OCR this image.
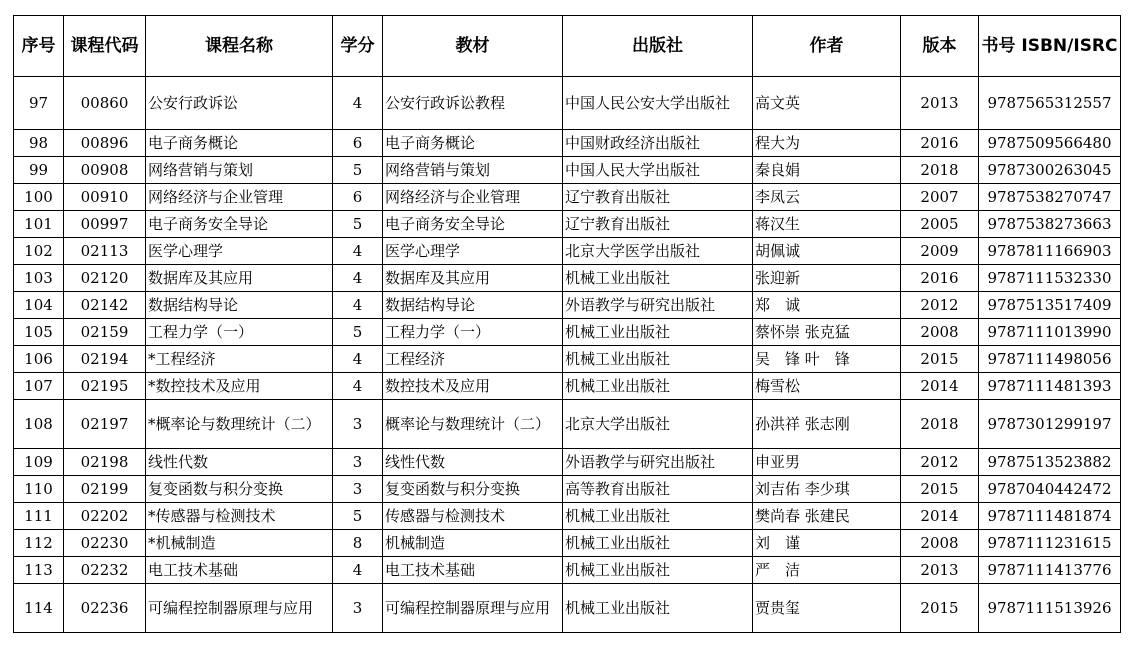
序号	课程代码	课程名称	学分	教材	出版社	作者	版本	书号 ISBN/ISRC
97	00860	公安行政诉讼	4	公安行政诉讼教程	中国人民公安大学出版社	高文英	2013	9787565312557
98	00896	电子商务概论	6	电子商务概论	中国财政经济出版社	程大为	2016	9787509566480
99	00908	网络营销与策划	5	网络营销与策划	中国人民大学出版社	秦良娟	2018	9787300263045
100	00910	网络经济与企业管理	6	网络经济与企业管理	辽宁教育出版社	李凤云	2007	9787538270747
101	00997	电子商务安全导论	5	电子商务安全导论	辽宁教育出版社	蒋汉生	2005	9787538273663
102	02113	医学心理学	4	医学心理学	北京大学医学出版社	胡佩诚	2009	9787811166903
103	02120	数据库及其应用	4	数据库及其应用	机械工业出版社	张迎新	2016	9787111532330
104	02142	数据结构导论	4	数据结构导论	外语教学与研究出版社	郑　诚	2012	9787513517409
105	02159	工程力学（一）	5	工程力学（一）	机械工业出版社	蔡怀崇 张克猛	2008	9787111013990
106	02194	*工程经济	4	工程经济	机械工业出版社	吴　锋 叶　锋	2015	9787111498056
107	02195	*数控技术及应用	4	数控技术及应用	机械工业出版社	梅雪松	2014	9787111481393
108	02197	*概率论与数理统计（二）	3	概率论与数理统计（二）	北京大学出版社	孙洪祥 张志刚	2018	9787301299197
109	02198	线性代数	3	线性代数	外语教学与研究出版社	申亚男	2012	9787513523882
110	02199	复变函数与积分变换	3	复变函数与积分变换	高等教育出版社	刘吉佑 李少琪	2015	9787040442472
111	02202	*传感器与检测技术	5	传感器与检测技术	机械工业出版社	樊尚春 张建民	2014	9787111481874
112	02230	*机械制造	8	机械制造	机械工业出版社	刘　谨	2008	9787111231615
113	02232	电工技术基础	4	电工技术基础	机械工业出版社	严　洁	2013	9787111413776
114	02236	可编程控制器原理与应用	3	可编程控制器原理与应用	机械工业出版社	贾贵玺	2015	9787111513926
